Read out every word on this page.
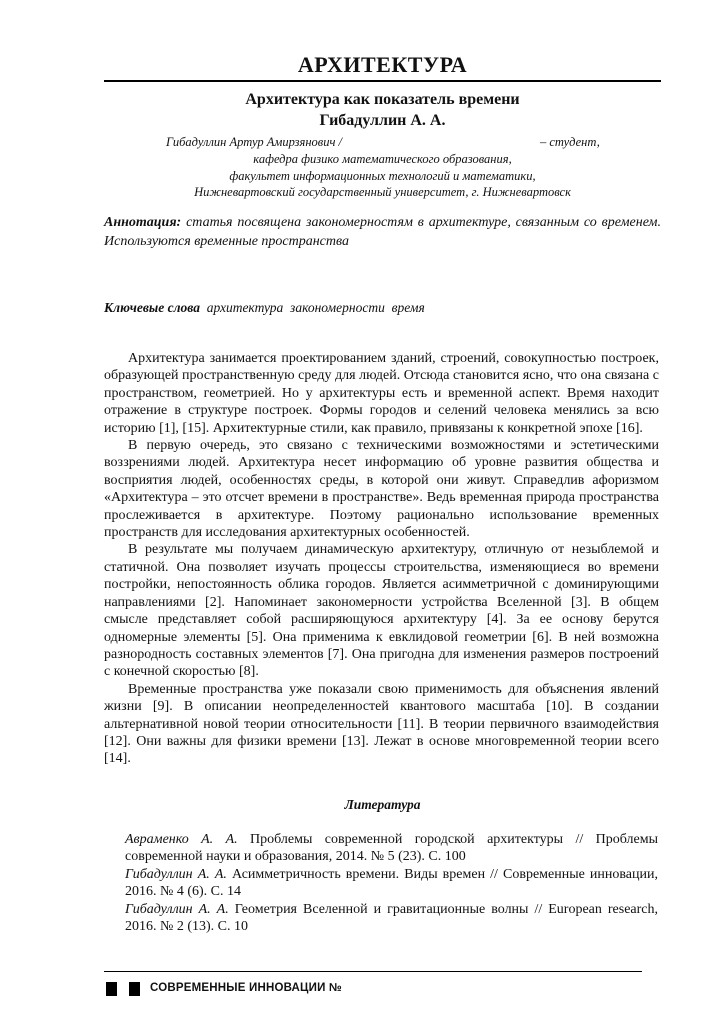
АРХИТЕКТУРА
Архитектура как показатель времени
Гибадуллин А. А.
Гибадуллин Артур Амирзянович /	– студент,
кафедра физико математического образования,
факультет информационных технологий и математики,
Нижневартовский государственный университет, г. Нижневартовск
Аннотация: статья посвящена закономерностям в архитектуре, связанным со временем. Используются временные пространства
Ключевые слова  архитектура  закономерности  время

Архитектура занимается проектированием зданий, строений, совокупностью построек, образующей пространственную среду для людей. Отсюда становится ясно, что она связана с пространством, геометрией. Но у архитектуры есть и временной аспект. Время находит отражение в структуре построек. Формы городов и селений человека менялись за всю историю [1], [15]. Архитектурные стили, как правило, привязаны к конкретной эпохе [16].

В первую очередь, это связано с техническими возможностями и эстетическими воззрениями людей. Архитектура несет информацию об уровне развития общества и восприятия людей, особенностях среды, в которой они живут. Справедлив афоризмом «Архитектура – это отсчет времени в пространстве». Ведь временная природа пространства прослеживается в архитектуре. Поэтому рационально использование временных пространств для исследования архитектурных особенностей.

В результате мы получаем динамическую архитектуру, отличную от незыблемой и статичной. Она позволяет изучать процессы строительства, изменяющиеся во времени постройки, непостоянность облика городов. Является асимметричной с доминирующими направлениями [2]. Напоминает закономерности устройства Вселенной [3]. В общем смысле представляет собой расширяющуюся архитектуру [4]. За ее основу берутся одномерные элементы [5]. Она применима к евклидовой геометрии [6]. В ней возможна разнородность составных элементов [7]. Она пригодна для изменения размеров построений с конечной скоростью [8].

Временные пространства уже показали свою применимость для объяснения явлений жизни [9]. В описании неопределенностей квантового масштаба [10]. В создании альтернативной новой теории относительности [11]. В теории первичного взаимодействия [12]. Они важны для физики времени [13]. Лежат в основе многовременной теории всего [14].

Литература

Авраменко А. А. Проблемы современной городской архитектуры // Проблемы современной науки и образования, 2014. № 5 (23). С. 100

Гибадуллин А. А. Асимметричность времени. Виды времен // Современные инновации, 2016. № 4 (6). С. 14

Гибадуллин А. А. Геометрия Вселенной и гравитационные волны // European research, 2016. № 2 (13). С. 10

СОВРЕМЕННЫЕ ИННОВАЦИИ №
